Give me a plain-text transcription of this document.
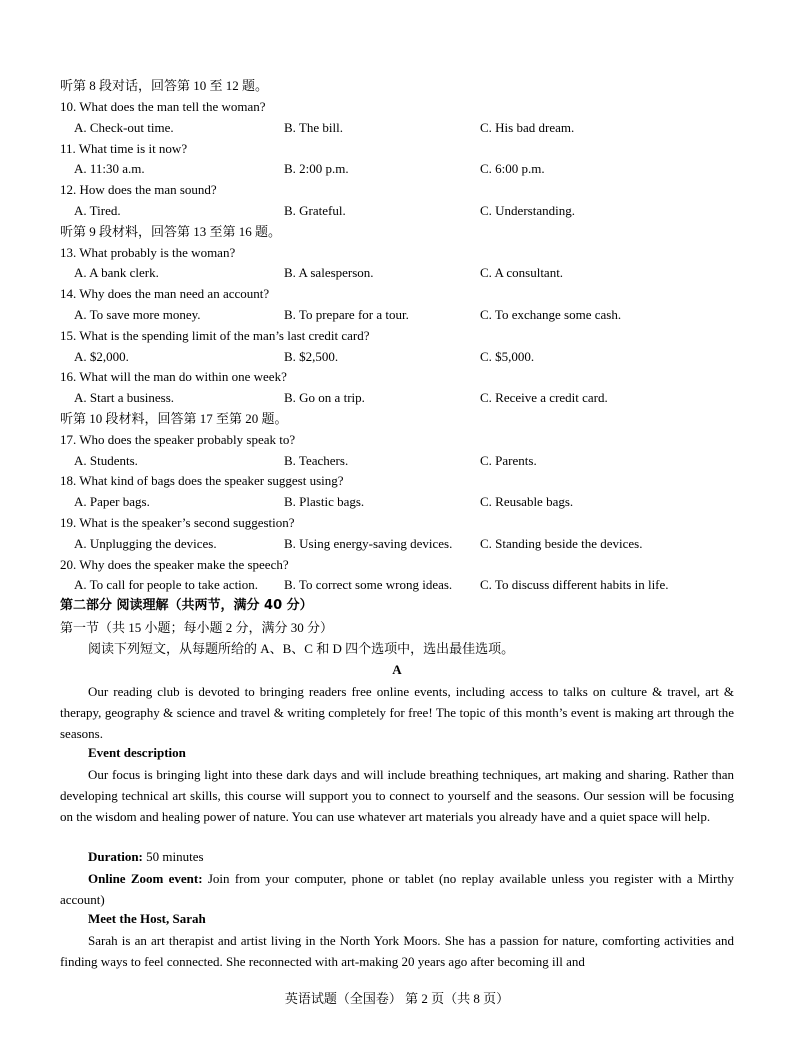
听第 8 段对话，回答第 10 至 12 题。
10. What does the man tell the woman?
A. Check-out time.	B. The bill.	C. His bad dream.
11. What time is it now?
A. 11:30 a.m.	B. 2:00 p.m.	C. 6:00 p.m.
12. How does the man sound?
A. Tired.	B. Grateful.	C. Understanding.
听第 9 段材料，回答第 13 至第 16 题。
13. What probably is the woman?
A. A bank clerk.	B. A salesperson.	C. A consultant.
14. Why does the man need an account?
A. To save more money.	B. To prepare for a tour.	C. To exchange some cash.
15. What is the spending limit of the man’s last credit card?
A. $2,000.	B. $2,500.	C. $5,000.
16. What will the man do within one week?
A. Start a business.	B. Go on a trip.	C. Receive a credit card.
听第 10 段材料，回答第 17 至第 20 题。
17. Who does the speaker probably speak to?
A. Students.	B. Teachers.	C. Parents.
18. What kind of bags does the speaker suggest using?
A. Paper bags.	B. Plastic bags.	C. Reusable bags.
19. What is the speaker’s second suggestion?
A. Unplugging the devices.	B. Using energy-saving devices. C. Standing beside the devices.
20. Why does the speaker make the speech?
A. To call for people to take action. B. To correct some wrong ideas. C. To discuss different habits in life.
第二部分 阅读理解（共两节，满分 40 分）
第一节（共 15 小题；每小题 2 分，满分 30 分）
阅读下列短文，从每题所给的 A、B、C 和 D 四个选项中，选出最佳选项。
A
Our reading club is devoted to bringing readers free online events, including access to talks on culture & travel, art & therapy, geography & science and travel & writing completely for free! The topic of this month’s event is making art through the seasons.
Event description
Our focus is bringing light into these dark days and will include breathing techniques, art making and sharing. Rather than developing technical art skills, this course will support you to connect to yourself and the seasons. Our session will be focusing on the wisdom and healing power of nature. You can use whatever art materials you already have and a quiet space will help.
Duration: 50 minutes
Online Zoom event: Join from your computer, phone or tablet (no replay available unless you register with a Mirthy account)
Meet the Host, Sarah
Sarah is an art therapist and artist living in the North York Moors. She has a passion for nature, comforting activities and finding ways to feel connected. She reconnected with art-making 20 years ago after becoming ill and
英语试题（全国卷） 第 2 页（共 8 页）
